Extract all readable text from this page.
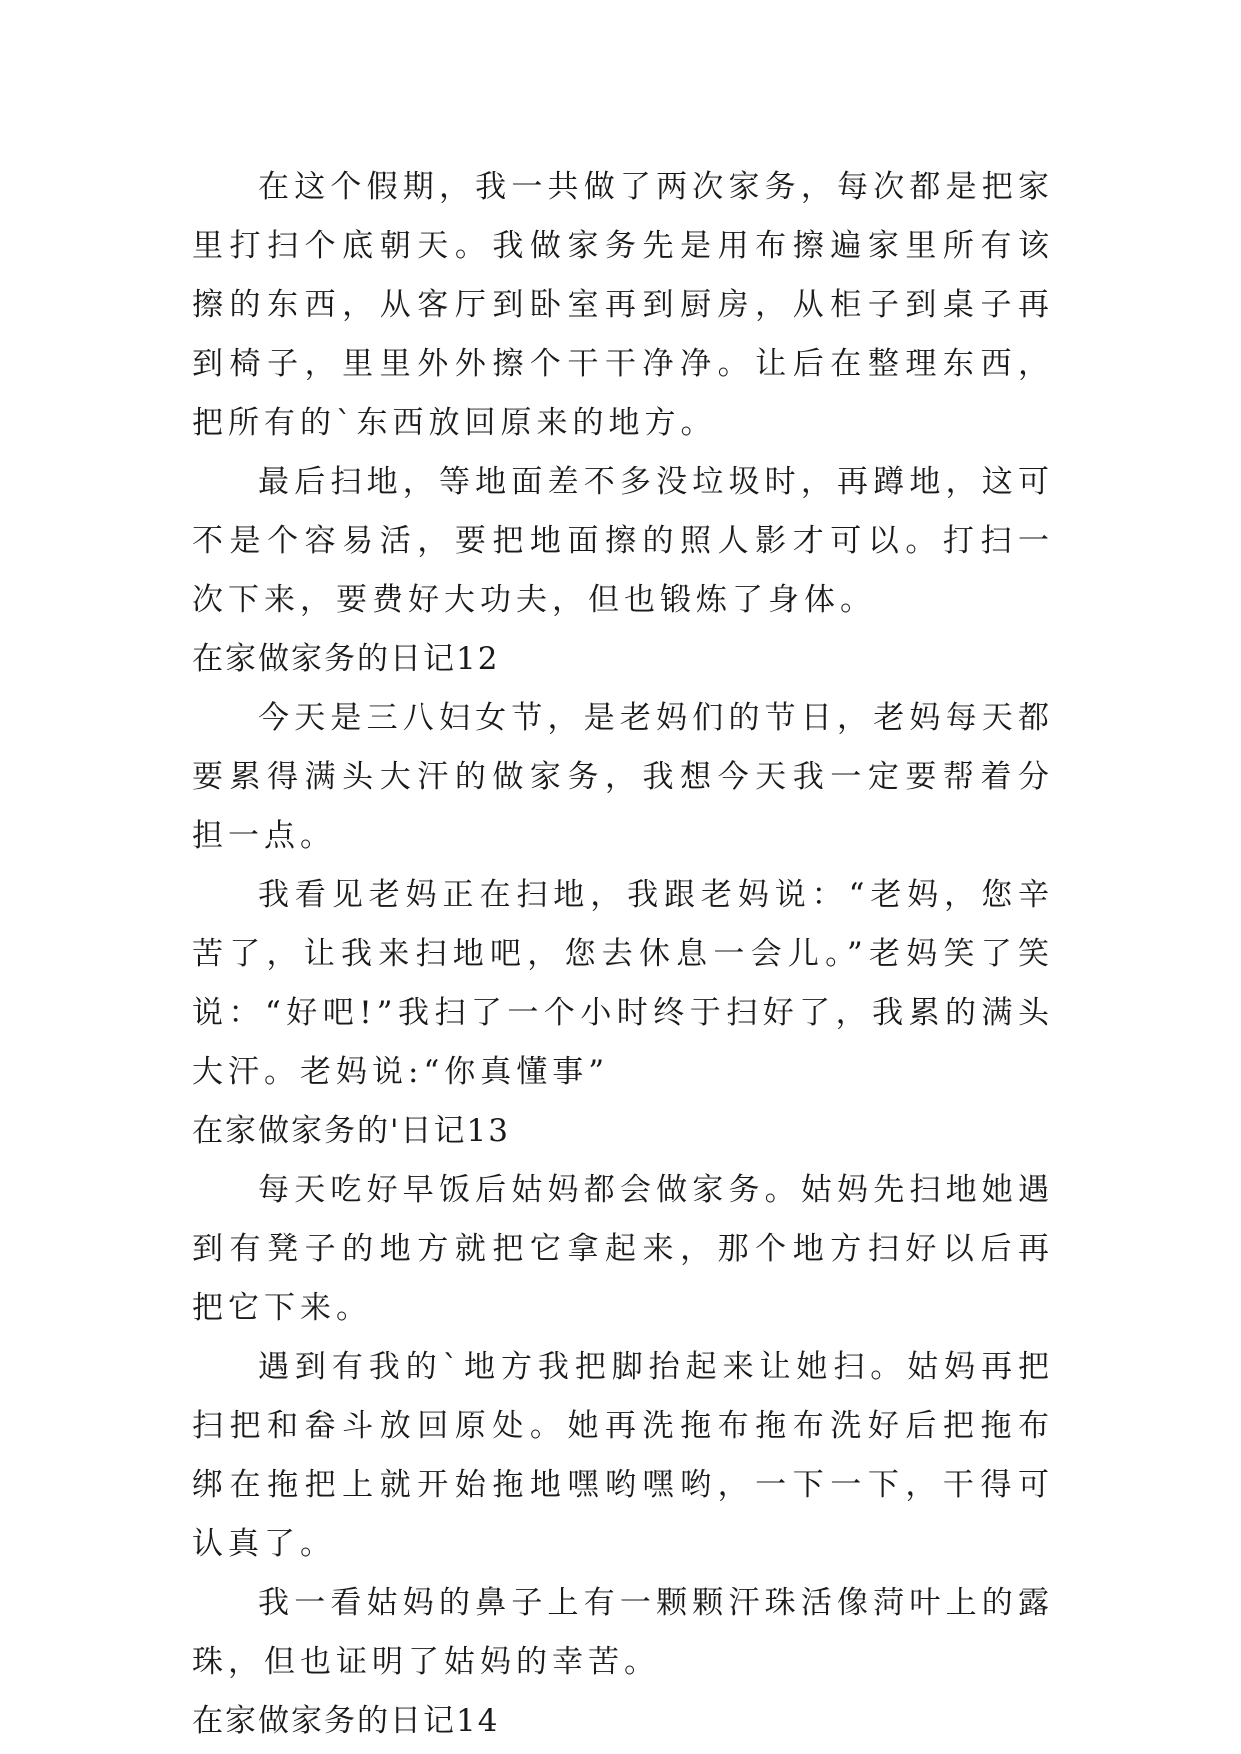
在这个假期，我一共做了两次家务，每次都是把家里打扫个底朝天。我做家务先是用布擦遍家里所有该擦的东西，从客厅到卧室再到厨房，从柜子到桌子再到椅子，里里外外擦个干干净净。让后在整理东西，把所有的`东西放回原来的地方。

最后扫地，等地面差不多没垃圾时，再蹲地，这可不是个容易活，要把地面擦的照人影才可以。打扫一次下来，要费好大功夫，但也锻炼了身体。

在家做家务的日记12

今天是三八妇女节，是老妈们的节日，老妈每天都要累得满头大汗的做家务，我想今天我一定要帮着分担一点。

我看见老妈正在扫地，我跟老妈说：“老妈，您辛苦了，让我来扫地吧，您去休息一会儿。”老妈笑了笑说：“好吧!”我扫了一个小时终于扫好了，我累的满头大汗。老妈说:“你真懂事”

在家做家务的'日记13

每天吃好早饭后姑妈都会做家务。姑妈先扫地她遇到有凳子的地方就把它拿起来，那个地方扫好以后再把它下来。

遇到有我的`地方我把脚抬起来让她扫。姑妈再把扫把和畚斗放回原处。她再洗拖布拖布洗好后把拖布绑在拖把上就开始拖地嘿哟嘿哟，一下一下，干得可认真了。

我一看姑妈的鼻子上有一颗颗汗珠活像菏叶上的露珠，但也证明了姑妈的幸苦。

在家做家务的日记14
